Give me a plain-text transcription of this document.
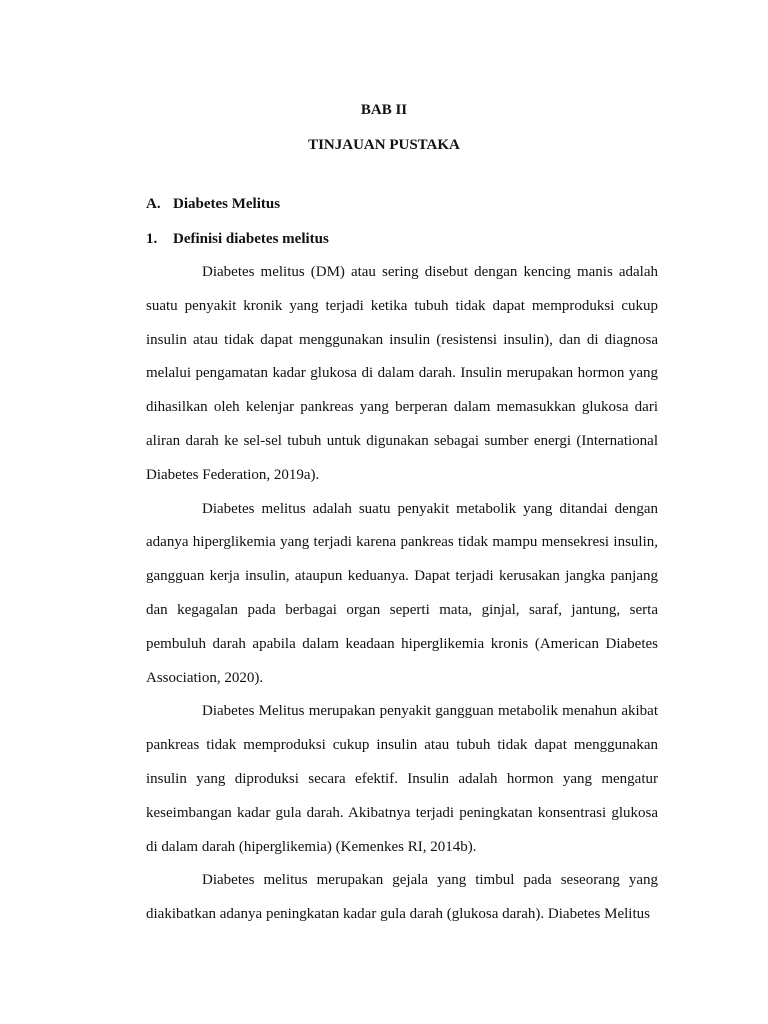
BAB II
TINJAUAN PUSTAKA
A. Diabetes Melitus
1. Definisi diabetes melitus

Diabetes melitus (DM) atau sering disebut dengan kencing manis adalah suatu penyakit kronik yang terjadi ketika tubuh tidak dapat memproduksi cukup insulin atau tidak dapat menggunakan insulin (resistensi insulin), dan di diagnosa melalui pengamatan kadar glukosa di dalam darah. Insulin merupakan hormon yang dihasilkan oleh kelenjar pankreas yang berperan dalam memasukkan glukosa dari aliran darah ke sel-sel tubuh untuk digunakan sebagai sumber energi (International Diabetes Federation, 2019a).

Diabetes melitus adalah suatu penyakit metabolik yang ditandai dengan adanya hiperglikemia yang terjadi karena pankreas tidak mampu mensekresi insulin, gangguan kerja insulin, ataupun keduanya. Dapat terjadi kerusakan jangka panjang dan kegagalan pada berbagai organ seperti mata, ginjal, saraf, jantung, serta pembuluh darah apabila dalam keadaan hiperglikemia kronis (American Diabetes Association, 2020).

Diabetes Melitus merupakan penyakit gangguan metabolik menahun akibat pankreas tidak memproduksi cukup insulin atau tubuh tidak dapat menggunakan insulin yang diproduksi secara efektif. Insulin adalah hormon yang mengatur keseimbangan kadar gula darah. Akibatnya terjadi peningkatan konsentrasi glukosa di dalam darah (hiperglikemia) (Kemenkes RI, 2014b).

Diabetes melitus merupakan gejala yang timbul pada seseorang yang diakibatkan adanya peningkatan kadar gula darah (glukosa darah). Diabetes Melitus
